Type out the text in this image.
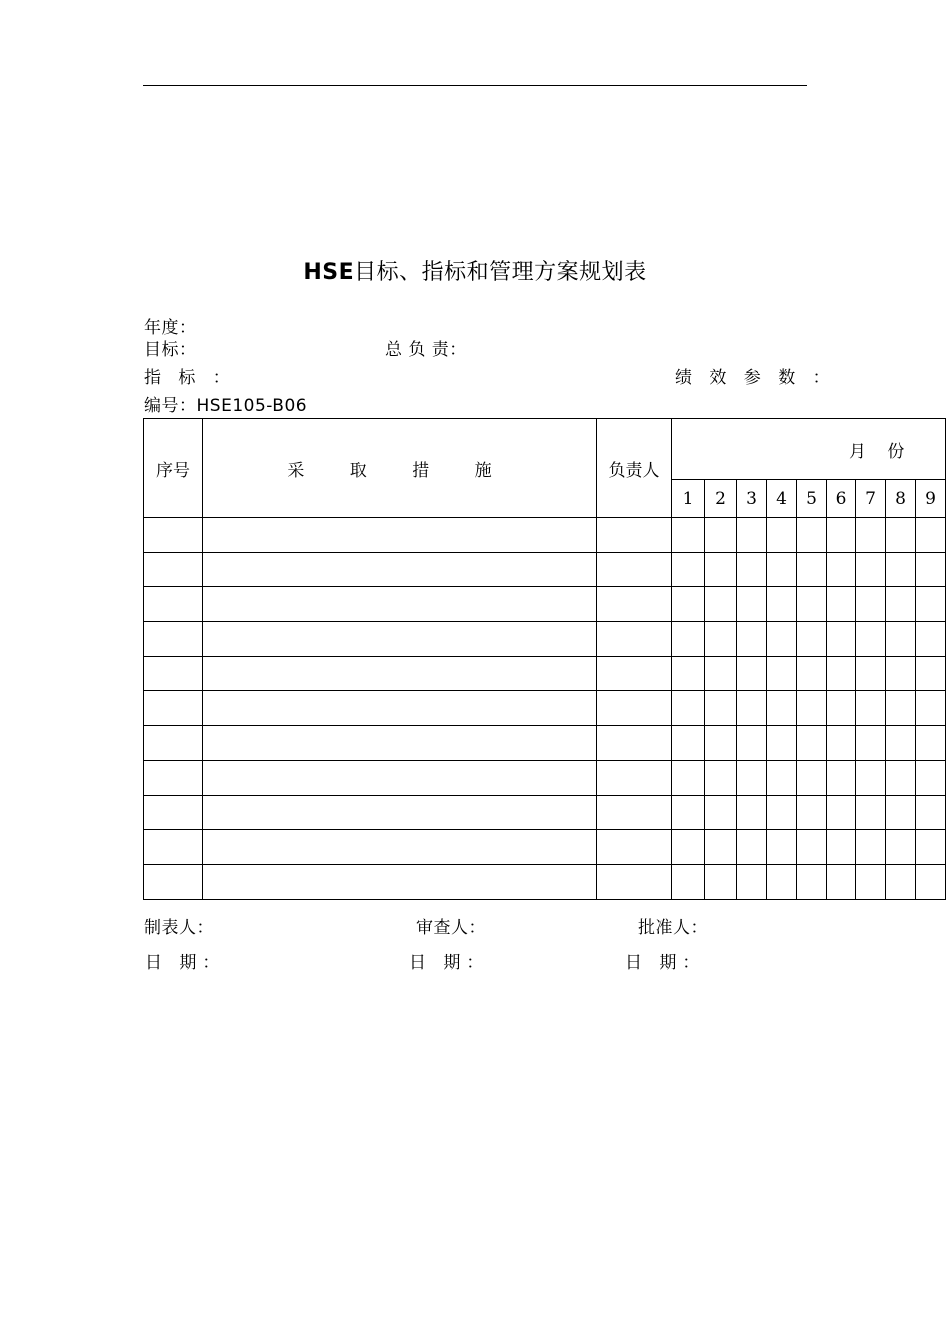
HSE目标、指标和管理方案规划表
年度：
目标：	总 负 责：
指 标 ：	绩 效 参 数 ：
编号：HSE105-B06
序号	采 取 措 施	负责人	月 份								
			1	2	3	4	5	6	7	8	9

制表人：	审查人：	批准人：
日 期：	日 期：	日 期：
